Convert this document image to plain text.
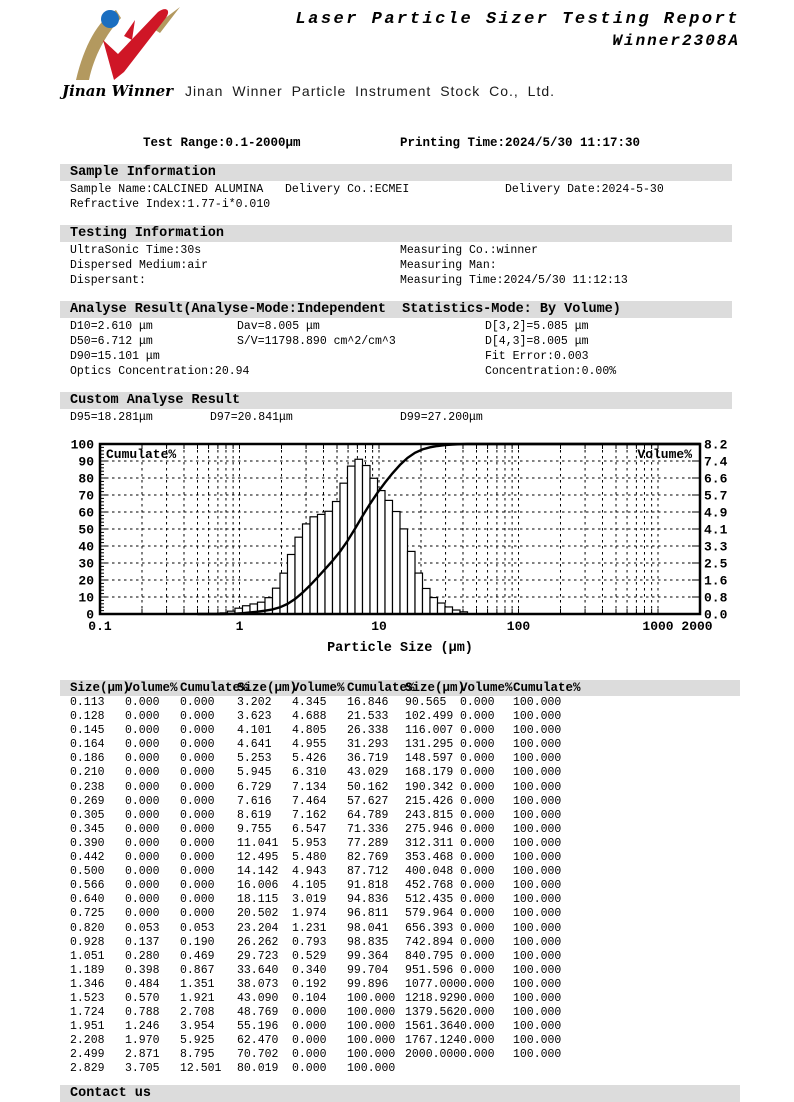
Jinan Winner
Laser Particle Sizer Testing Report
Winner2308A
Jinan Winner Particle Instrument Stock Co., Ltd.
Test Range:0.1-2000μm	Printing Time:2024/5/30 11:17:30
Sample Information
Sample Name:CALCINED ALUMINA Delivery Co.:ECMEI	Delivery Date:2024-5-30
Refractive Index:1.77-i*0.010
Testing Information
UltraSonic Time:30s	Measuring Co.:winner
Dispersed Medium:air	Measuring Man:
Dispersant:	Measuring Time:2024/5/30 11:12:13
Analyse Result(Analyse-Mode:Independent  Statistics-Mode: By Volume)
D10=2.610 μm	Dav=8.005 μm	D[3,2]=5.085 μm
D50=6.712 μm	S/V=11798.890 cm^2/cm^3	D[4,3]=8.005 μm
D90=15.101 μm	Fit Error:0.003
Optics Concentration:20.94	Concentration:0.00%
Custom Analyse Result
D95=18.281μm	D97=20.841μm	D99=27.200μm
0
10
20
30
40
50
60
70
80
90
100
0.0
0.8
1.6
2.5
3.3
4.1
4.9
5.7
6.6
7.4
8.2
0.1	1	10	100	1000 2000
Cumulate%	Volume%
Particle Size (μm)
Size(μm)
Volume% Cumulate%
Size(μm)
Volume% Cumulate%
Size(μm)
Volume% Cumulate%
0.113	0.000	0.000	3.202	4.345	16.846	90.565	0.000	100.000
0.128	0.000	0.000	3.623	4.688	21.533	102.499 0.000	100.000
0.145	0.000	0.000	4.101	4.805	26.338	116.007 0.000	100.000
0.164	0.000	0.000	4.641	4.955	31.293	131.295 0.000	100.000
0.186	0.000	0.000	5.253	5.426	36.719	148.597 0.000	100.000
0.210	0.000	0.000	5.945	6.310	43.029	168.179 0.000	100.000
0.238	0.000	0.000	6.729	7.134	50.162	190.342 0.000	100.000
0.269	0.000	0.000	7.616	7.464	57.627	215.426 0.000	100.000
0.305	0.000	0.000	8.619	7.162	64.789	243.815 0.000	100.000
0.345	0.000	0.000	9.755	6.547	71.336	275.946 0.000	100.000
0.390	0.000	0.000	11.041	5.953	77.289	312.311 0.000	100.000
0.442	0.000	0.000	12.495	5.480	82.769	353.468 0.000	100.000
0.500	0.000	0.000	14.142	4.943	87.712	400.048 0.000	100.000
0.566	0.000	0.000	16.006	4.105	91.818	452.768 0.000	100.000
0.640	0.000	0.000	18.115	3.019	94.836	512.435 0.000	100.000
0.725	0.000	0.000	20.502	1.974	96.811	579.964 0.000	100.000
0.820	0.053	0.053	23.204	1.231	98.041	656.393 0.000	100.000
0.928	0.137	0.190	26.262	0.793	98.835	742.894 0.000	100.000
1.051	0.280	0.469	29.723	0.529	99.364	840.795 0.000	100.000
1.189	0.398	0.867	33.640	0.340	99.704	951.596 0.000	100.000
1.346	0.484	1.351	38.073	0.192	99.896	1077.000 0.000	100.000
1.523	0.570	1.921	43.090	0.104	100.000 1218.929 0.000	100.000
1.724	0.788	2.708	48.769	0.000	100.000 1379.562 0.000	100.000
1.951	1.246	3.954	55.196	0.000	100.000 1561.364 0.000	100.000
2.208	1.970	5.925	62.470	0.000	100.000 1767.124 0.000	100.000
2.499	2.871	8.795	70.702	0.000	100.000 2000.000 0.000	100.000
2.829	3.705	12.501	80.019	0.000	100.000
Contact us
